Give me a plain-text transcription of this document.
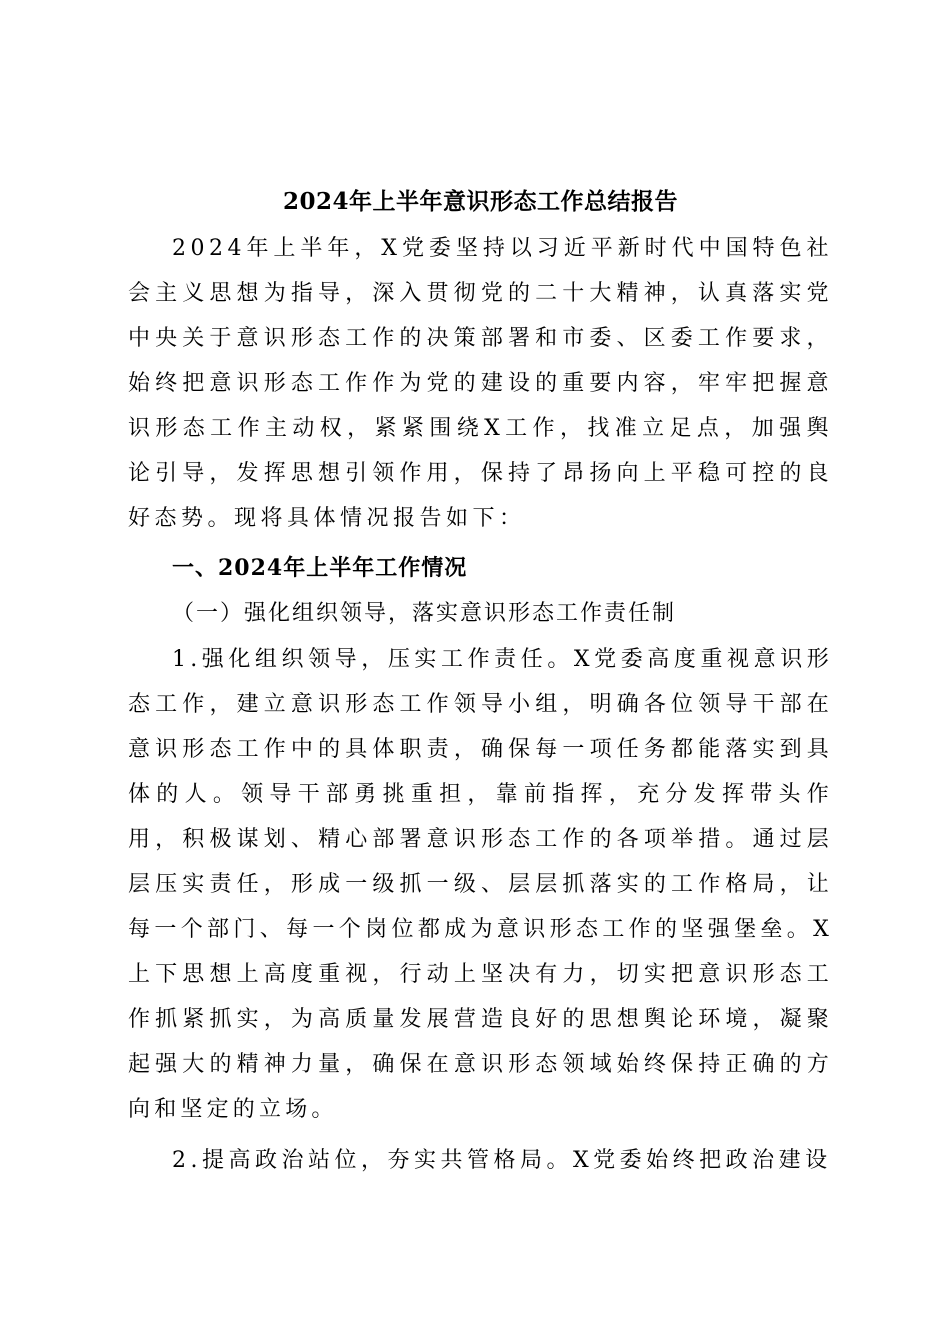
2024年上半年意识形态工作总结报告

2024年上半年，X党委坚持以习近平新时代中国特色社会主义思想为指导，深入贯彻党的二十大精神，认真落实党中央关于意识形态工作的决策部署和市委、区委工作要求，始终把意识形态工作作为党的建设的重要内容，牢牢把握意识形态工作主动权，紧紧围绕X工作，找准立足点，加强舆论引导，发挥思想引领作用，保持了昂扬向上平稳可控的良好态势。现将具体情况报告如下：

一、2024年上半年工作情况

（一）强化组织领导，落实意识形态工作责任制

1.强化组织领导，压实工作责任。X党委高度重视意识形态工作，建立意识形态工作领导小组，明确各位领导干部在意识形态工作中的具体职责，确保每一项任务都能落实到具体的人。领导干部勇挑重担，靠前指挥，充分发挥带头作用，积极谋划、精心部署意识形态工作的各项举措。通过层层压实责任，形成一级抓一级、层层抓落实的工作格局，让每一个部门、每一个岗位都成为意识形态工作的坚强堡垒。X上下思想上高度重视，行动上坚决有力，切实把意识形态工作抓紧抓实，为高质量发展营造良好的思想舆论环境，凝聚起强大的精神力量，确保在意识形态领域始终保持正确的方向和坚定的立场。

2.提高政治站位，夯实共管格局。X党委始终把政治建设
